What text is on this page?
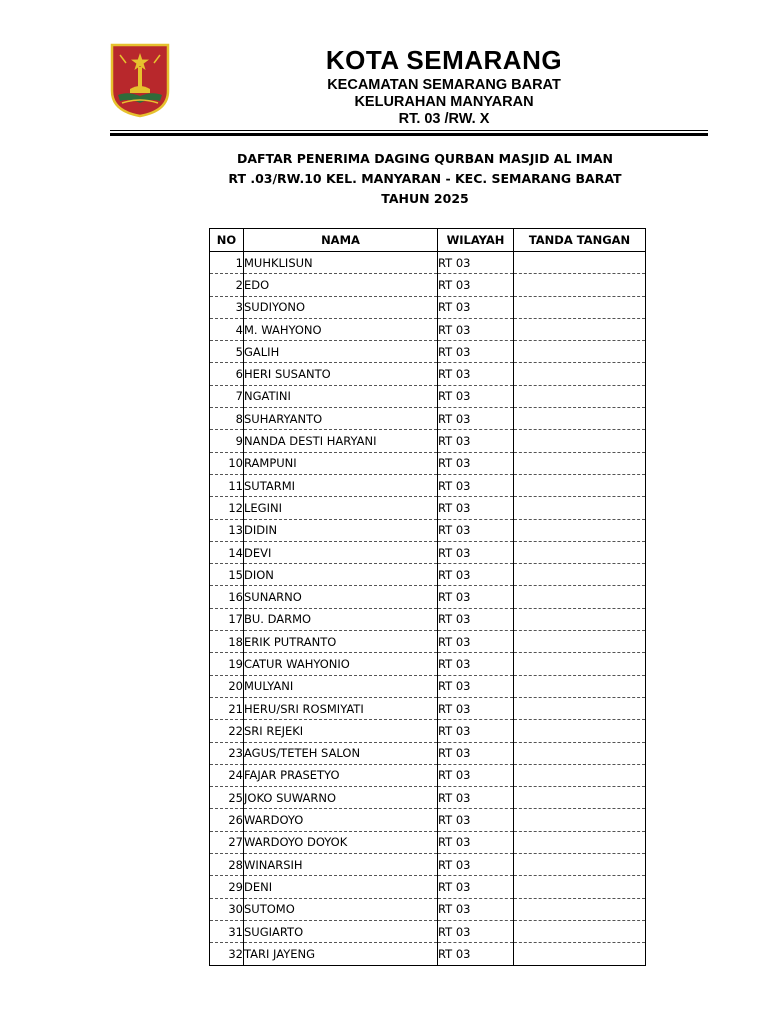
KOTA SEMARANG
KECAMATAN SEMARANG BARAT
KELURAHAN MANYARAN
RT. 03 /RW. X
DAFTAR PENERIMA DAGING QURBAN MASJID AL IMAN
RT .03/RW.10 KEL. MANYARAN - KEC. SEMARANG BARAT
TAHUN 2025
NO	NAMA	WILAYAH	TANDA TANGAN
1	MUHKLISUN	RT 03	
2	EDO	RT 03	
3	SUDIYONO	RT 03	
4	M. WAHYONO	RT 03	
5	GALIH	RT 03	
6	HERI SUSANTO	RT 03	
7	NGATINI	RT 03	
8	SUHARYANTO	RT 03	
9	NANDA DESTI HARYANI	RT 03	
10	RAMPUNI	RT 03	
11	SUTARMI	RT 03	
12	LEGINI	RT 03	
13	DIDIN	RT 03	
14	DEVI	RT 03	
15	DION	RT 03	
16	SUNARNO	RT 03	
17	BU. DARMO	RT 03	
18	ERIK PUTRANTO	RT 03	
19	CATUR WAHYONIO	RT 03	
20	MULYANI	RT 03	
21	HERU/SRI ROSMIYATI	RT 03	
22	SRI REJEKI	RT 03	
23	AGUS/TETEH SALON	RT 03	
24	FAJAR PRASETYO	RT 03	
25	JOKO SUWARNO	RT 03	
26	WARDOYO	RT 03	
27	WARDOYO DOYOK	RT 03	
28	WINARSIH	RT 03	
29	DENI	RT 03	
30	SUTOMO	RT 03	
31	SUGIARTO	RT 03	
32	TARI JAYENG	RT 03	
